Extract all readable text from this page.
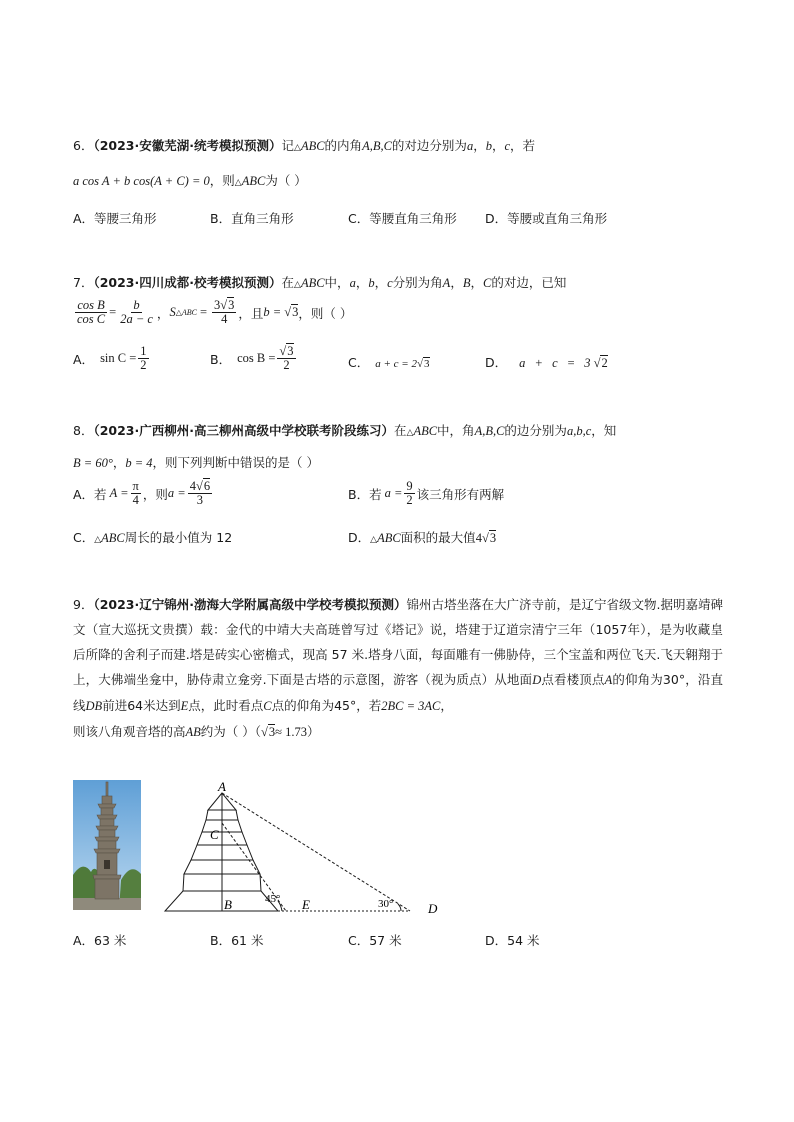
6．（2023·安徽芜湖·统考模拟预测）记△ABC的内角A,B,C的对边分别为a，b，c，若
a cos A + b cos(A + C) = 0，则△ABC为（ ）
A．等腰三角形	B．直角三角形	C．等腰直角三角形 D．等腰或直角三角形
7．（2023·四川成都·校考模拟预测）在△ABC中，a，b，c分别为角A，B，C的对边，已知
$\frac{\text{cos B}}{\text{cos C}} = \frac{b}{2a - c}$ ， S △ABC = $\frac{3√3}{4}$ ，且 b = √3 ，则（ ）
A． $\sin C = \frac{1}{2}$	B． $\cos B = \frac{√3}{2}$	C． a + c = 2√3	D． a + c = 3√2
8．（2023·广西柳州·高三柳州高级中学校联考阶段练习）在△ABC中，角A,B,C的边分别为a,b,c，知
B = 60°，b = 4，则下列判断中错误的是（ ）
A．若 $A = \frac{\pi}{4}$ ，则 $a = \frac{4√6}{3}$	B．若 $a = \frac{9}{2}$ 该三角形有两解
C．△ABC周长的最小值为 12	D．△ABC面积的最大值4√3
9．（2023·辽宁锦州·渤海大学附属高级中学校考模拟预测）锦州古塔坐落在大广济寺前，是辽宁省级文物.据明嘉靖碑文（宣大巡抚文贵撰）载：金代的中靖大夫高琏曾写过《塔记》说，塔建于辽道宗清宁三年（1057年），是为收藏皇后所降的舍利子而建.塔是砖实心密檐式，现高 57 米.塔身八面，每面雕有一佛胁侍，三个宝盖和两位飞天.飞天翱翔于上，大佛端坐龛中，胁侍肃立龛旁.下面是古塔的示意图，游客（视为质点）从地面D点看楼顶点A的仰角为30°，沿直线DB前进64米达到E点，此时看点C点的仰角为45°，若2BC = 3AC，
则该八角观音塔的高AB约为（ ）（√3≈ 1.73）
A
C
B	45° E	30°	D
A．63 米	B．61 米	C．57 米	D．54 米
